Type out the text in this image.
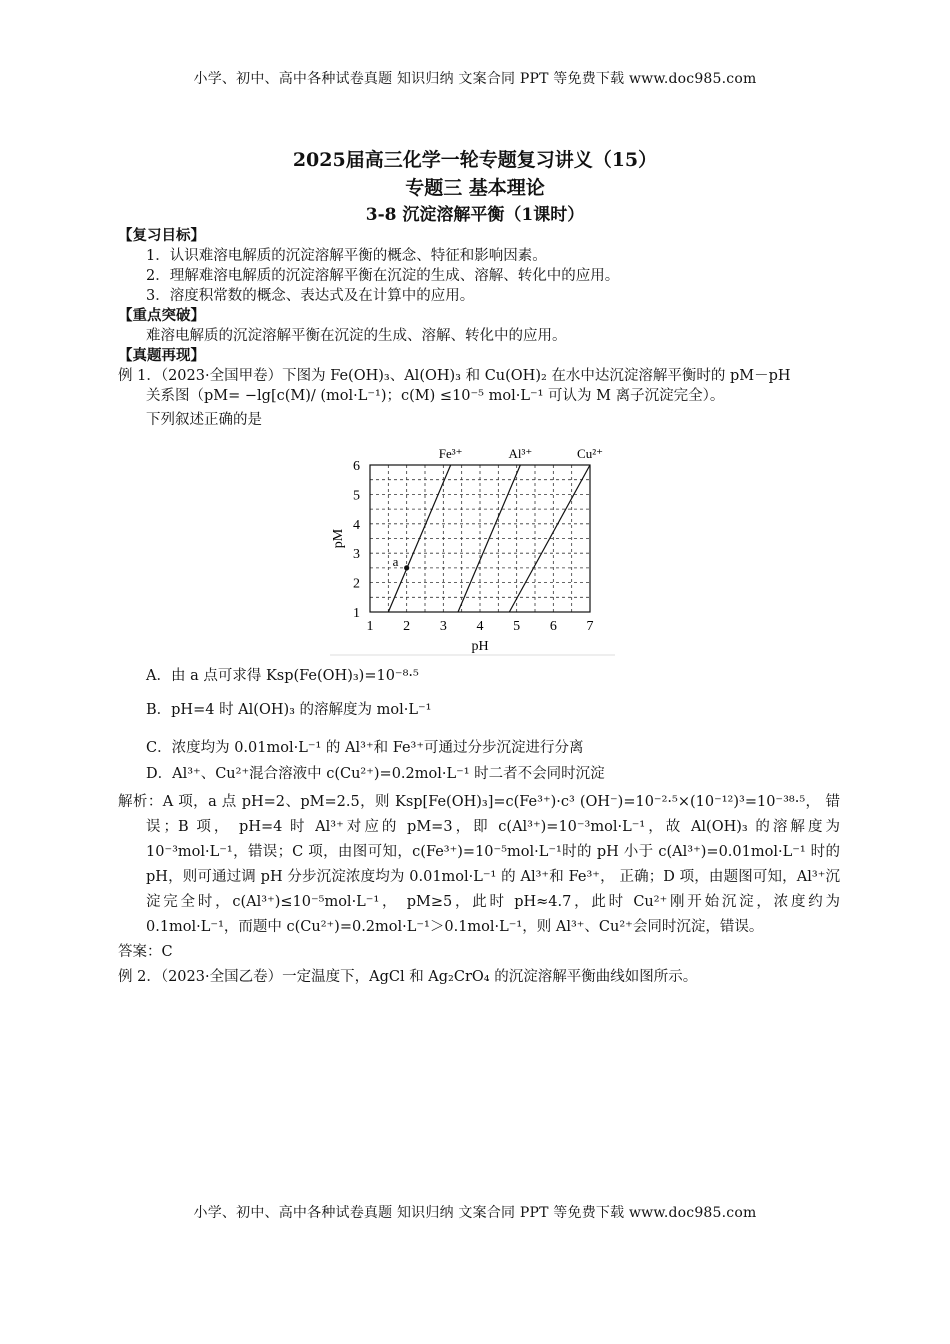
小学、初中、高中各种试卷真题 知识归纳 文案合同 PPT 等免费下载 www.doc985.com
2025届高三化学一轮专题复习讲义（15）
专题三 基本理论
3-8 沉淀溶解平衡（1课时）
【复习目标】
1．认识难溶电解质的沉淀溶解平衡的概念、特征和影响因素。
2．理解难溶电解质的沉淀溶解平衡在沉淀的生成、溶解、转化中的应用。
3．溶度积常数的概念、表达式及在计算中的应用。
【重点突破】
难溶电解质的沉淀溶解平衡在沉淀的生成、溶解、转化中的应用。
【真题再现】
例 1．（2023·全国甲卷）下图为 Fe(OH)₃、Al(OH)₃ 和 Cu(OH)₂ 在水中达沉淀溶解平衡时的 pM－pH
关系图（pM= −lg[c(M)/ (mol·L⁻¹)；c(M) ≤10⁻⁵ mol·L⁻¹ 可认为 M 离子沉淀完全）。
下列叙述正确的是
1 2 3 4 5 6 7
1
2
3
4
5
6
pH
pM
Fe³⁺	Al³⁺	Cu²⁺
a
A．由 a 点可求得 Ksp(Fe(OH)₃)=10⁻⁸·⁵
B．pH=4 时 Al(OH)₃ 的溶解度为 mol·L⁻¹
C．浓度均为 0.01mol·L⁻¹ 的 Al³⁺和 Fe³⁺可通过分步沉淀进行分离
D．Al³⁺、Cu²⁺混合溶液中 c(Cu²⁺)=0.2mol·L⁻¹ 时二者不会同时沉淀
解析：A 项，a 点 pH=2、pM=2.5，则 Ksp[Fe(OH)₃]=c(Fe³⁺)·c³ (OH⁻)=10⁻²·⁵×(10⁻¹²)³=10⁻³⁸·⁵， 错误；B 项， pH=4 时 Al³⁺对应的 pM=3，即 c(Al³⁺)=10⁻³mol·L⁻¹，故 Al(OH)₃ 的溶解度为 10⁻³mol·L⁻¹，错误；C 项，由图可知，c(Fe³⁺)=10⁻⁵mol·L⁻¹时的 pH 小于 c(Al³⁺)=0.01mol·L⁻¹ 时的 pH，则可通过调 pH 分步沉淀浓度均为 0.01mol·L⁻¹ 的 Al³⁺和 Fe³⁺， 正确；D 项，由题图可知，Al³⁺沉淀完全时，c(Al³⁺)≤10⁻⁵mol·L⁻¹， pM≥5，此时 pH≈4.7，此时 Cu²⁺刚开始沉淀，浓度约为 0.1mol·L⁻¹，而题中 c(Cu²⁺)=0.2mol·L⁻¹＞0.1mol·L⁻¹，则 Al³⁺、Cu²⁺会同时沉淀，错误。
答案：C
例 2．（2023·全国乙卷）一定温度下，AgCl 和 Ag₂CrO₄ 的沉淀溶解平衡曲线如图所示。
小学、初中、高中各种试卷真题 知识归纳 文案合同 PPT 等免费下载 www.doc985.com
